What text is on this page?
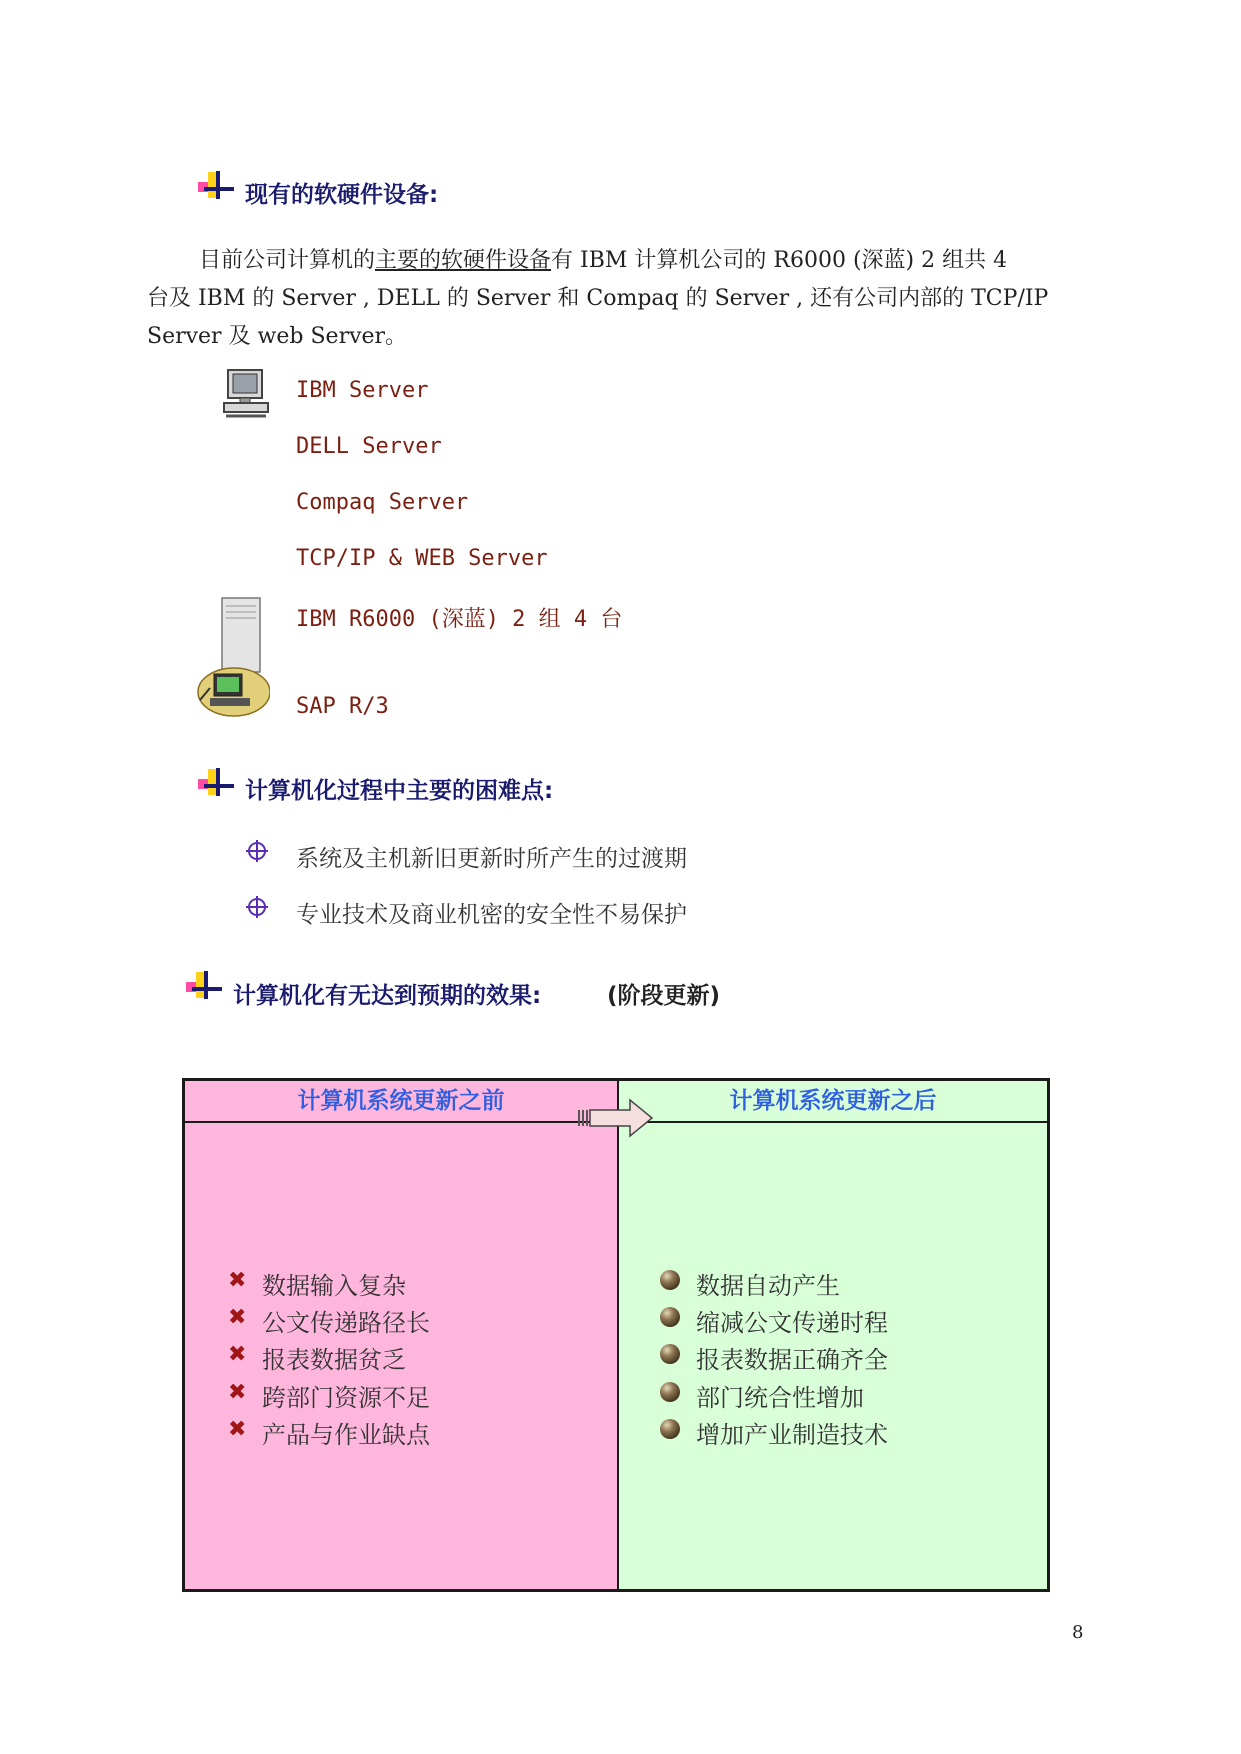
现有的软硬件设备:
目前公司计算机的主要的软硬件设备有 IBM 计算机公司的 R6000 (深蓝) 2 组共 4
台及 IBM 的 Server , DELL 的 Server 和 Compaq 的 Server , 还有公司内部的 TCP/IP
Server 及 web Server。
IBM Server
DELL Server
Compaq Server
TCP/IP & WEB Server
IBM R6000 (深蓝) 2 组 4 台
SAP R/3
计算机化过程中主要的困难点:
系统及主机新旧更新时所产生的过渡期
专业技术及商业机密的安全性不易保护
计算机化有无达到预期的效果:	(阶段更新)
计算机系统更新之前	计算机系统更新之后
✖ 数据输入复杂
✖ 公文传递路径长
✖ 报表数据贫乏
✖ 跨部门资源不足
✖ 产品与作业缺点
数据自动产生
缩减公文传递时程
报表数据正确齐全
部门统合性增加
增加产业制造技术
8
